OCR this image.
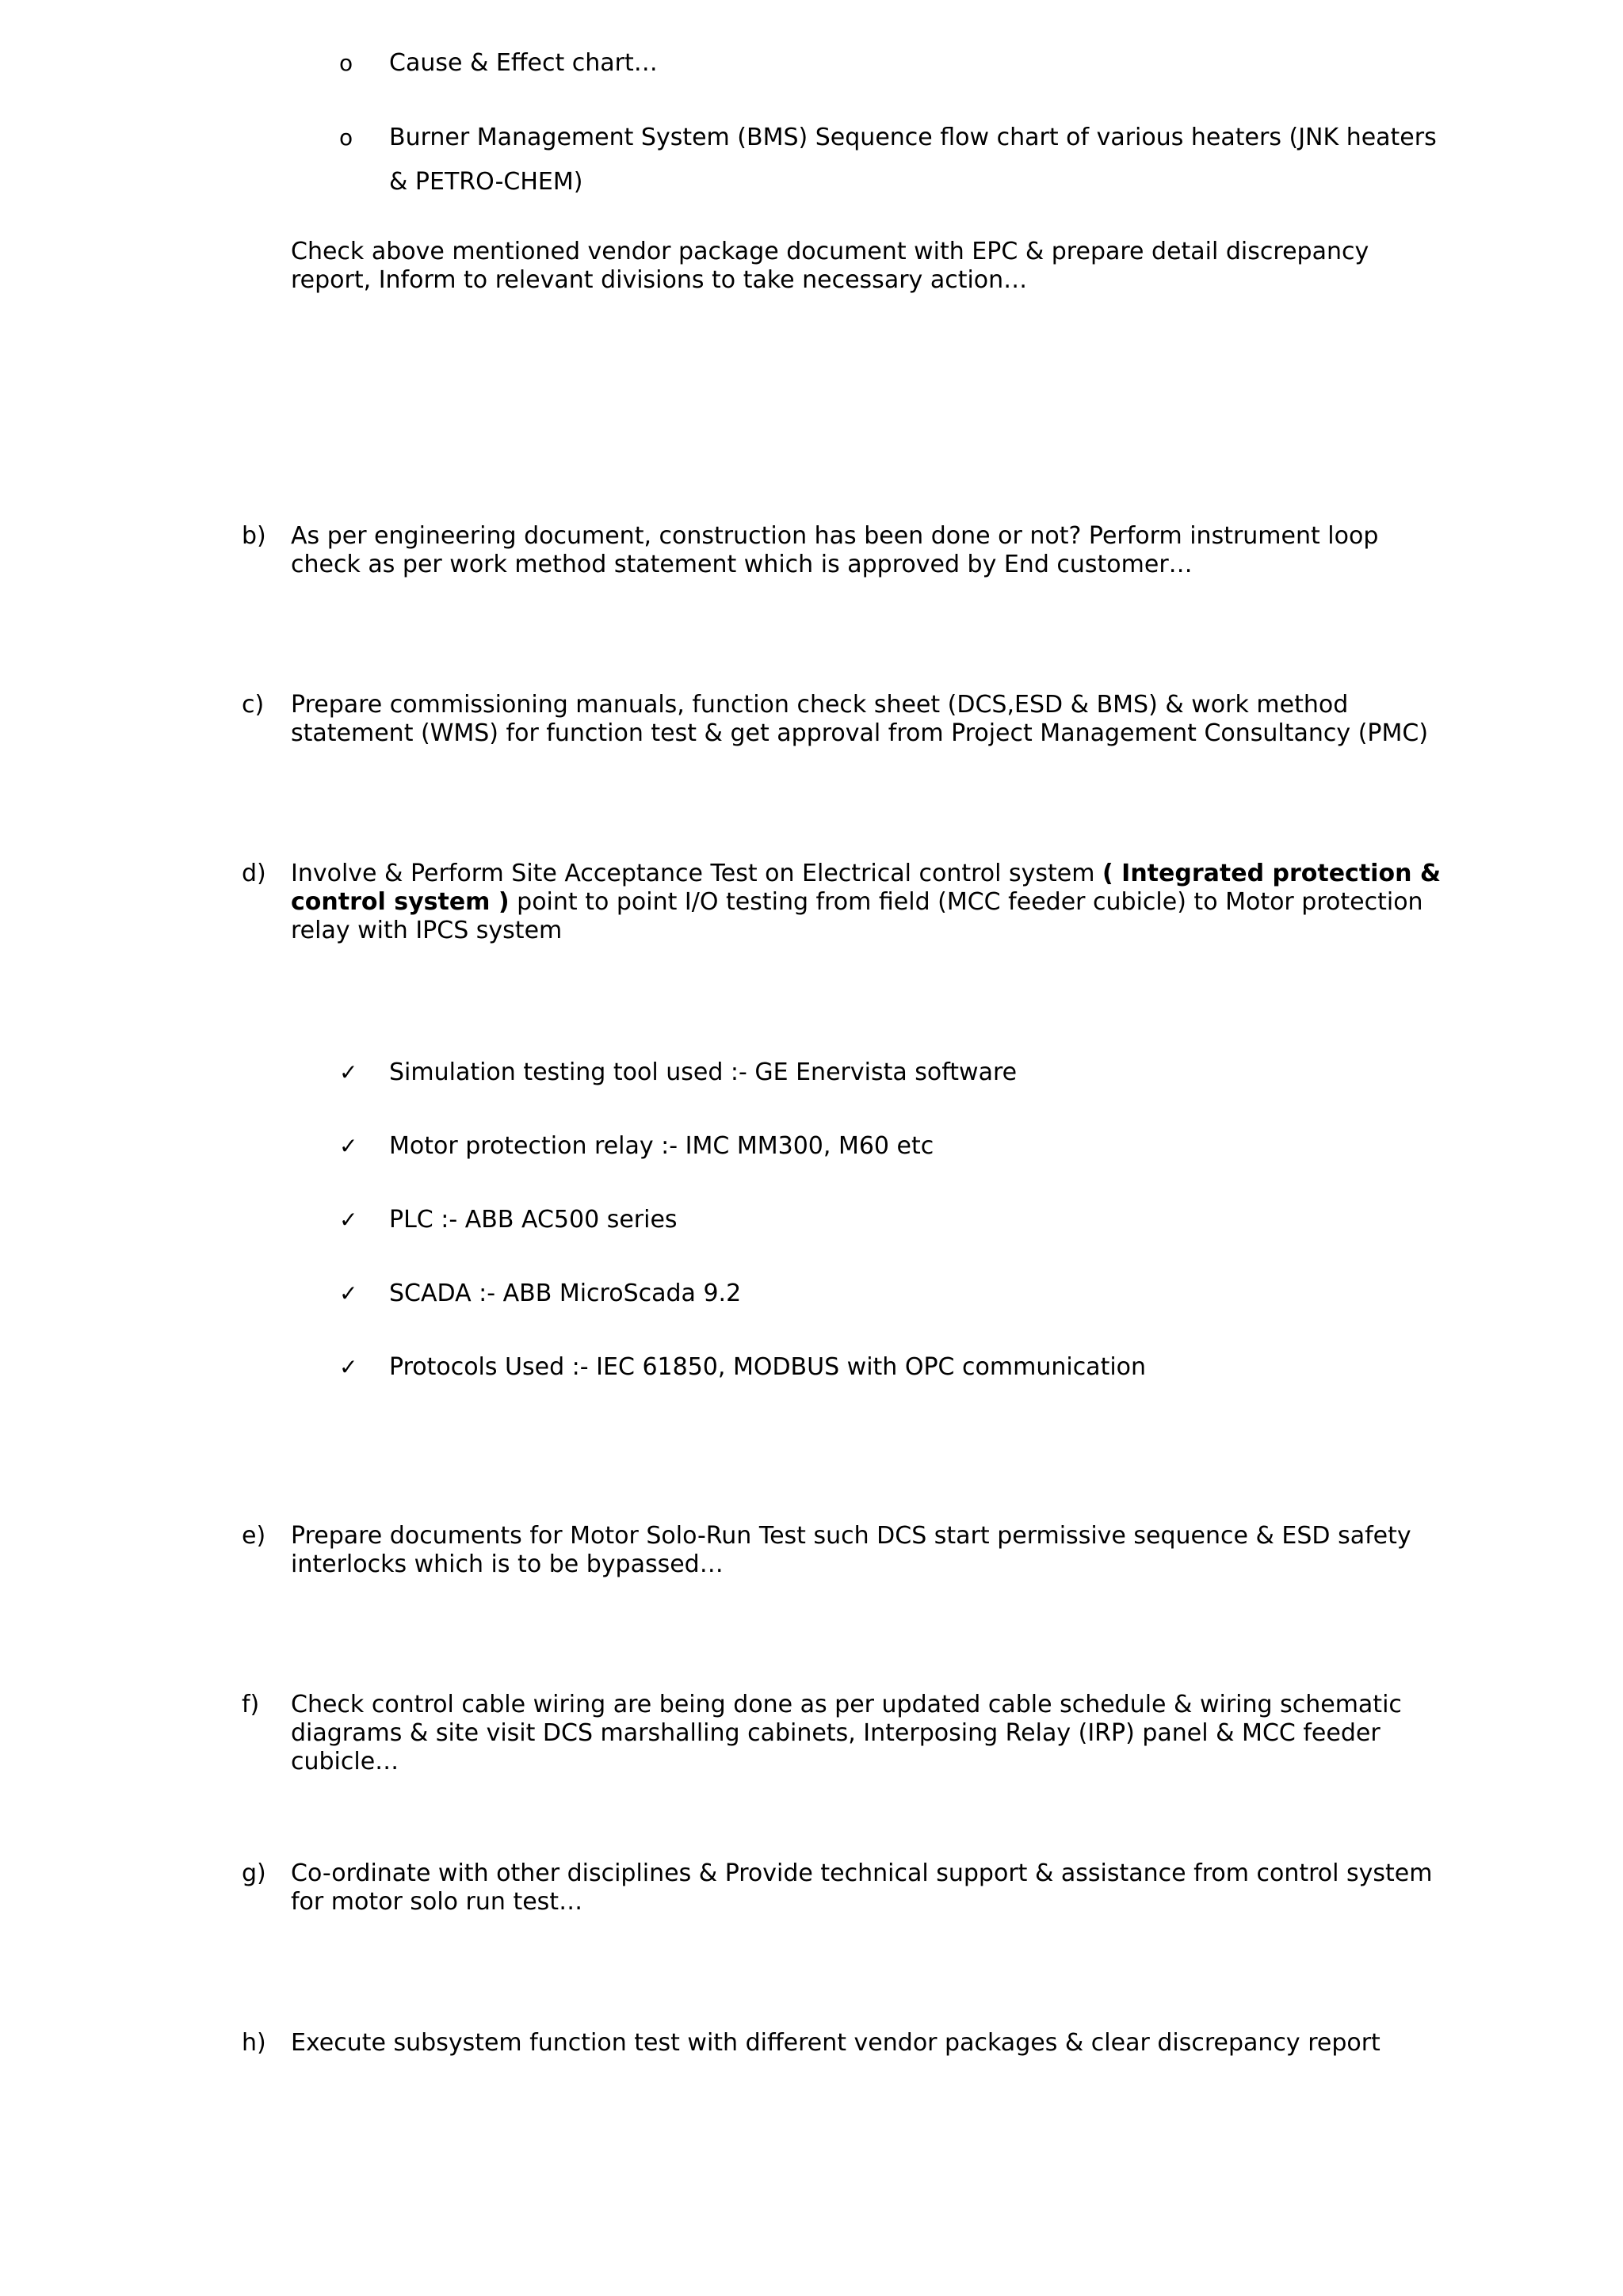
o Cause & Effect chart…
o Burner Management System (BMS) Sequence flow chart of various heaters (JNK heaters & PETRO-CHEM)
Check above mentioned vendor package document with EPC & prepare detail discrepancy report, Inform to relevant divisions to take necessary action…
b) As per engineering document, construction has been done or not? Perform instrument loop check as per work method statement which is approved by End customer…
c) Prepare commissioning manuals, function check sheet (DCS,ESD & BMS) & work method statement (WMS) for function test & get approval from Project Management Consultancy (PMC)
d) Involve & Perform Site Acceptance Test on Electrical control system ( Integrated protection & control system ) point to point I/O testing from field (MCC feeder cubicle) to Motor protection relay with IPCS system
✓ Simulation testing tool used :- GE Enervista software
✓ Motor protection relay :- IMC MM300, M60 etc
✓ PLC :- ABB AC500 series
✓ SCADA :- ABB MicroScada 9.2
✓ Protocols Used :- IEC 61850, MODBUS with OPC communication
e) Prepare documents for Motor Solo-Run Test such DCS start permissive sequence & ESD safety interlocks which is to be bypassed…
f) Check control cable wiring are being done as per updated cable schedule & wiring schematic diagrams & site visit DCS marshalling cabinets, Interposing Relay (IRP) panel & MCC feeder cubicle…
g) Co-ordinate with other disciplines & Provide technical support & assistance from control system for motor solo run test…
h) Execute subsystem function test with different vendor packages & clear discrepancy report
